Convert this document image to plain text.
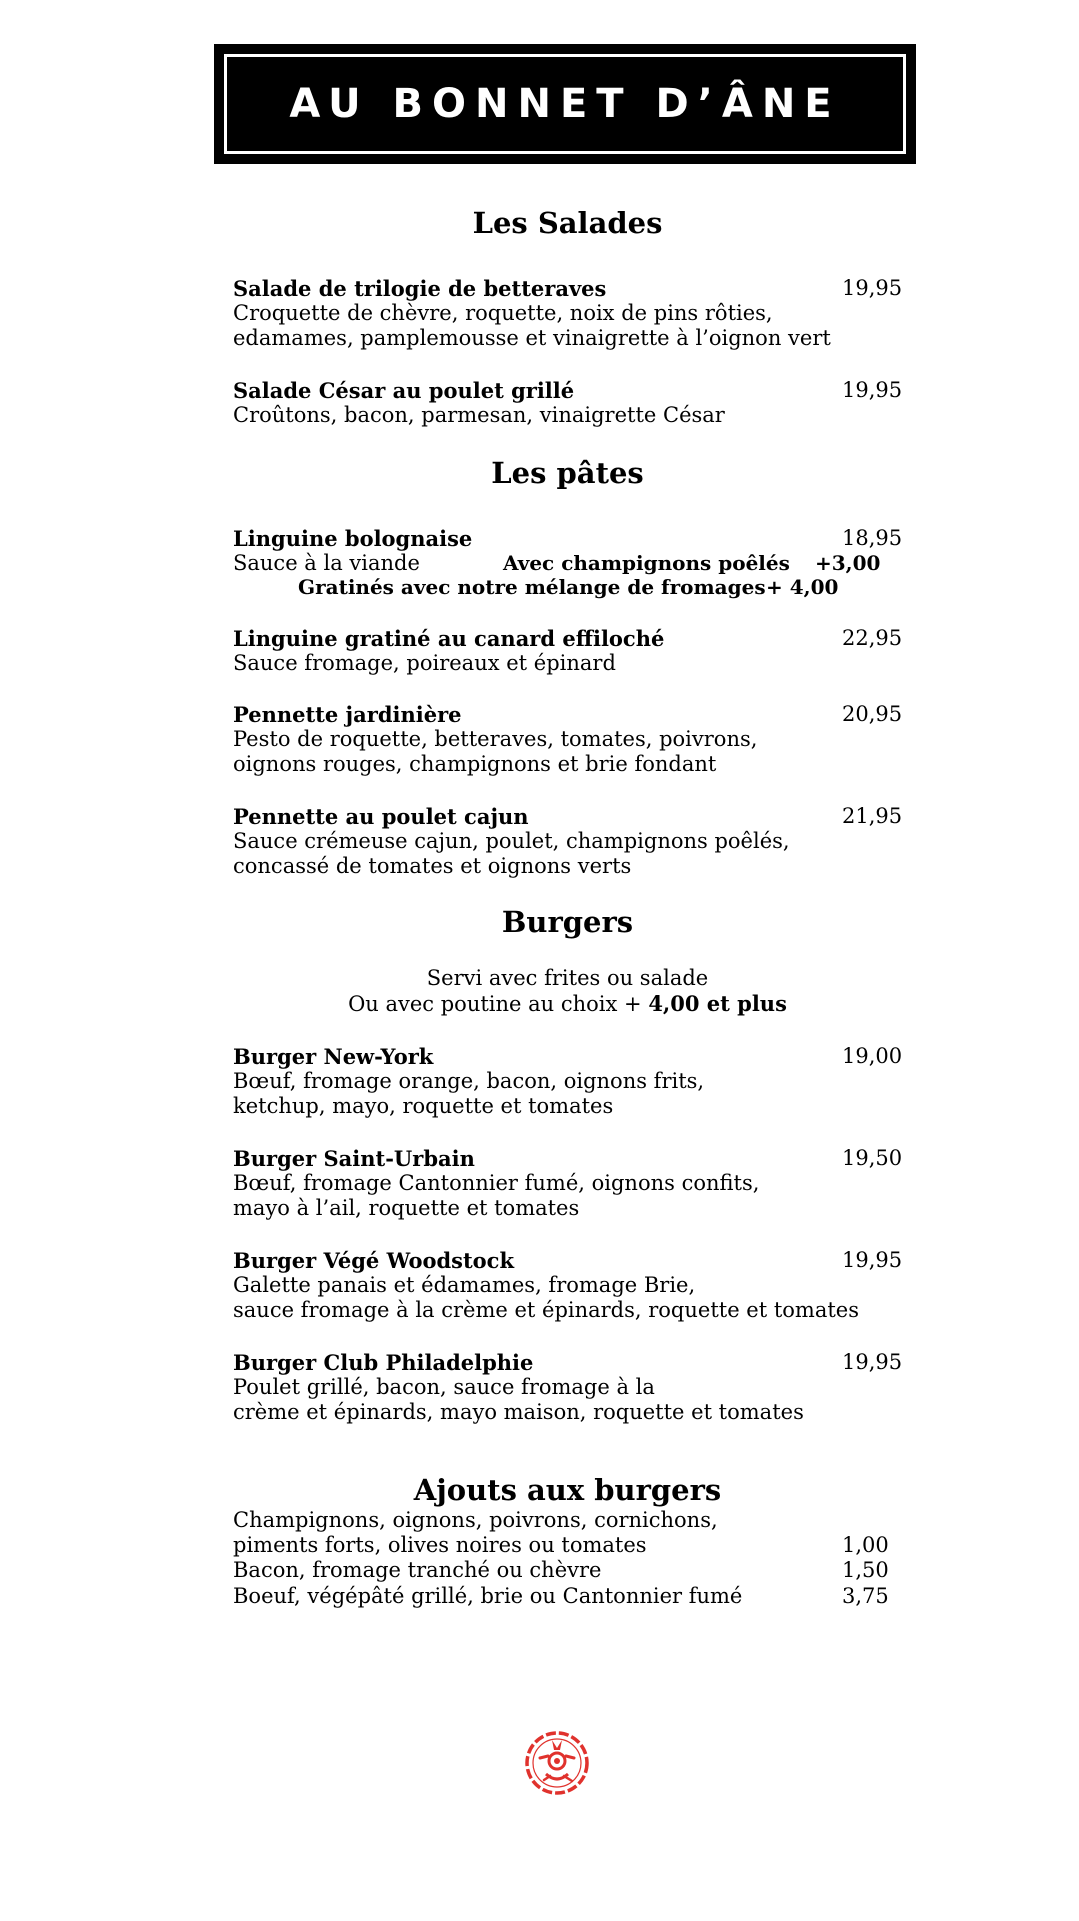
AU BONNET D’ÂNE
Les Salades
Salade de trilogie de betteraves	19,95
Croquette de chèvre, roquette, noix de pins rôties,
edamames, pamplemousse et vinaigrette à l’oignon vert
Salade César au poulet grillé	19,95
Croûtons, bacon, parmesan, vinaigrette César
Les pâtes
Linguine bolognaise	18,95
Sauce à la viande	Avec champignons poêlés +3,00
Gratinés avec notre mélange de fromages + 4,00
Linguine gratiné au canard effiloché	22,95
Sauce fromage, poireaux et épinard
Pennette jardinière	20,95
Pesto de roquette, betteraves, tomates, poivrons,
oignons rouges, champignons et brie fondant
Pennette au poulet cajun	21,95
Sauce crémeuse cajun, poulet, champignons poêlés,
concassé de tomates et oignons verts
Burgers
Servi avec frites ou salade
Ou avec poutine au choix + 4,00 et plus
Burger New-York	19,00
Bœuf, fromage orange, bacon, oignons frits,
ketchup, mayo, roquette et tomates
Burger Saint-Urbain	19,50
Bœuf, fromage Cantonnier fumé, oignons confits,
mayo à l’ail, roquette et tomates
Burger Végé Woodstock	19,95
Galette panais et édamames, fromage Brie,
sauce fromage à la crème et épinards, roquette et tomates
Burger Club Philadelphie	19,95
Poulet grillé, bacon, sauce fromage à la
crème et épinards, mayo maison, roquette et tomates
Ajouts aux burgers
Champignons, oignons, poivrons, cornichons,
piments forts, olives noires ou tomates	1,00
Bacon, fromage tranché ou chèvre	1,50
Boeuf, végépâté grillé, brie ou Cantonnier fumé	3,75
